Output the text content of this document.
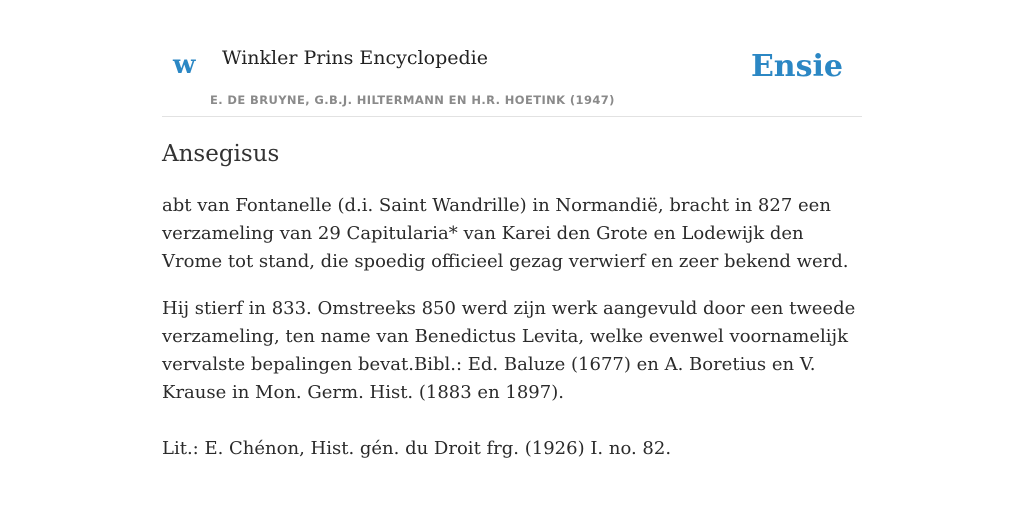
w Winkler Prins Encyclopedie
E. DE BRUYNE, G.B.J. HILTERMANN EN H.R. HOETINK (1947)
Ensie
Ansegisus

abt van Fontanelle (d.i. Saint Wandrille) in Normandië, bracht in 827 een verzameling van 29 Capitularia* van Karei den Grote en Lodewijk den Vrome tot stand, die spoedig officieel gezag verwierf en zeer bekend werd.

Hij stierf in 833. Omstreeks 850 werd zijn werk aangevuld door een tweede verzameling, ten name van Benedictus Levita, welke evenwel voornamelijk vervalste bepalingen bevat.Bibl.: Ed. Baluze (1677) en A. Boretius en V. Krause in Mon. Germ. Hist. (1883 en 1897).

Lit.: E. Chénon, Hist. gén. du Droit frg. (1926) I. no. 82.
